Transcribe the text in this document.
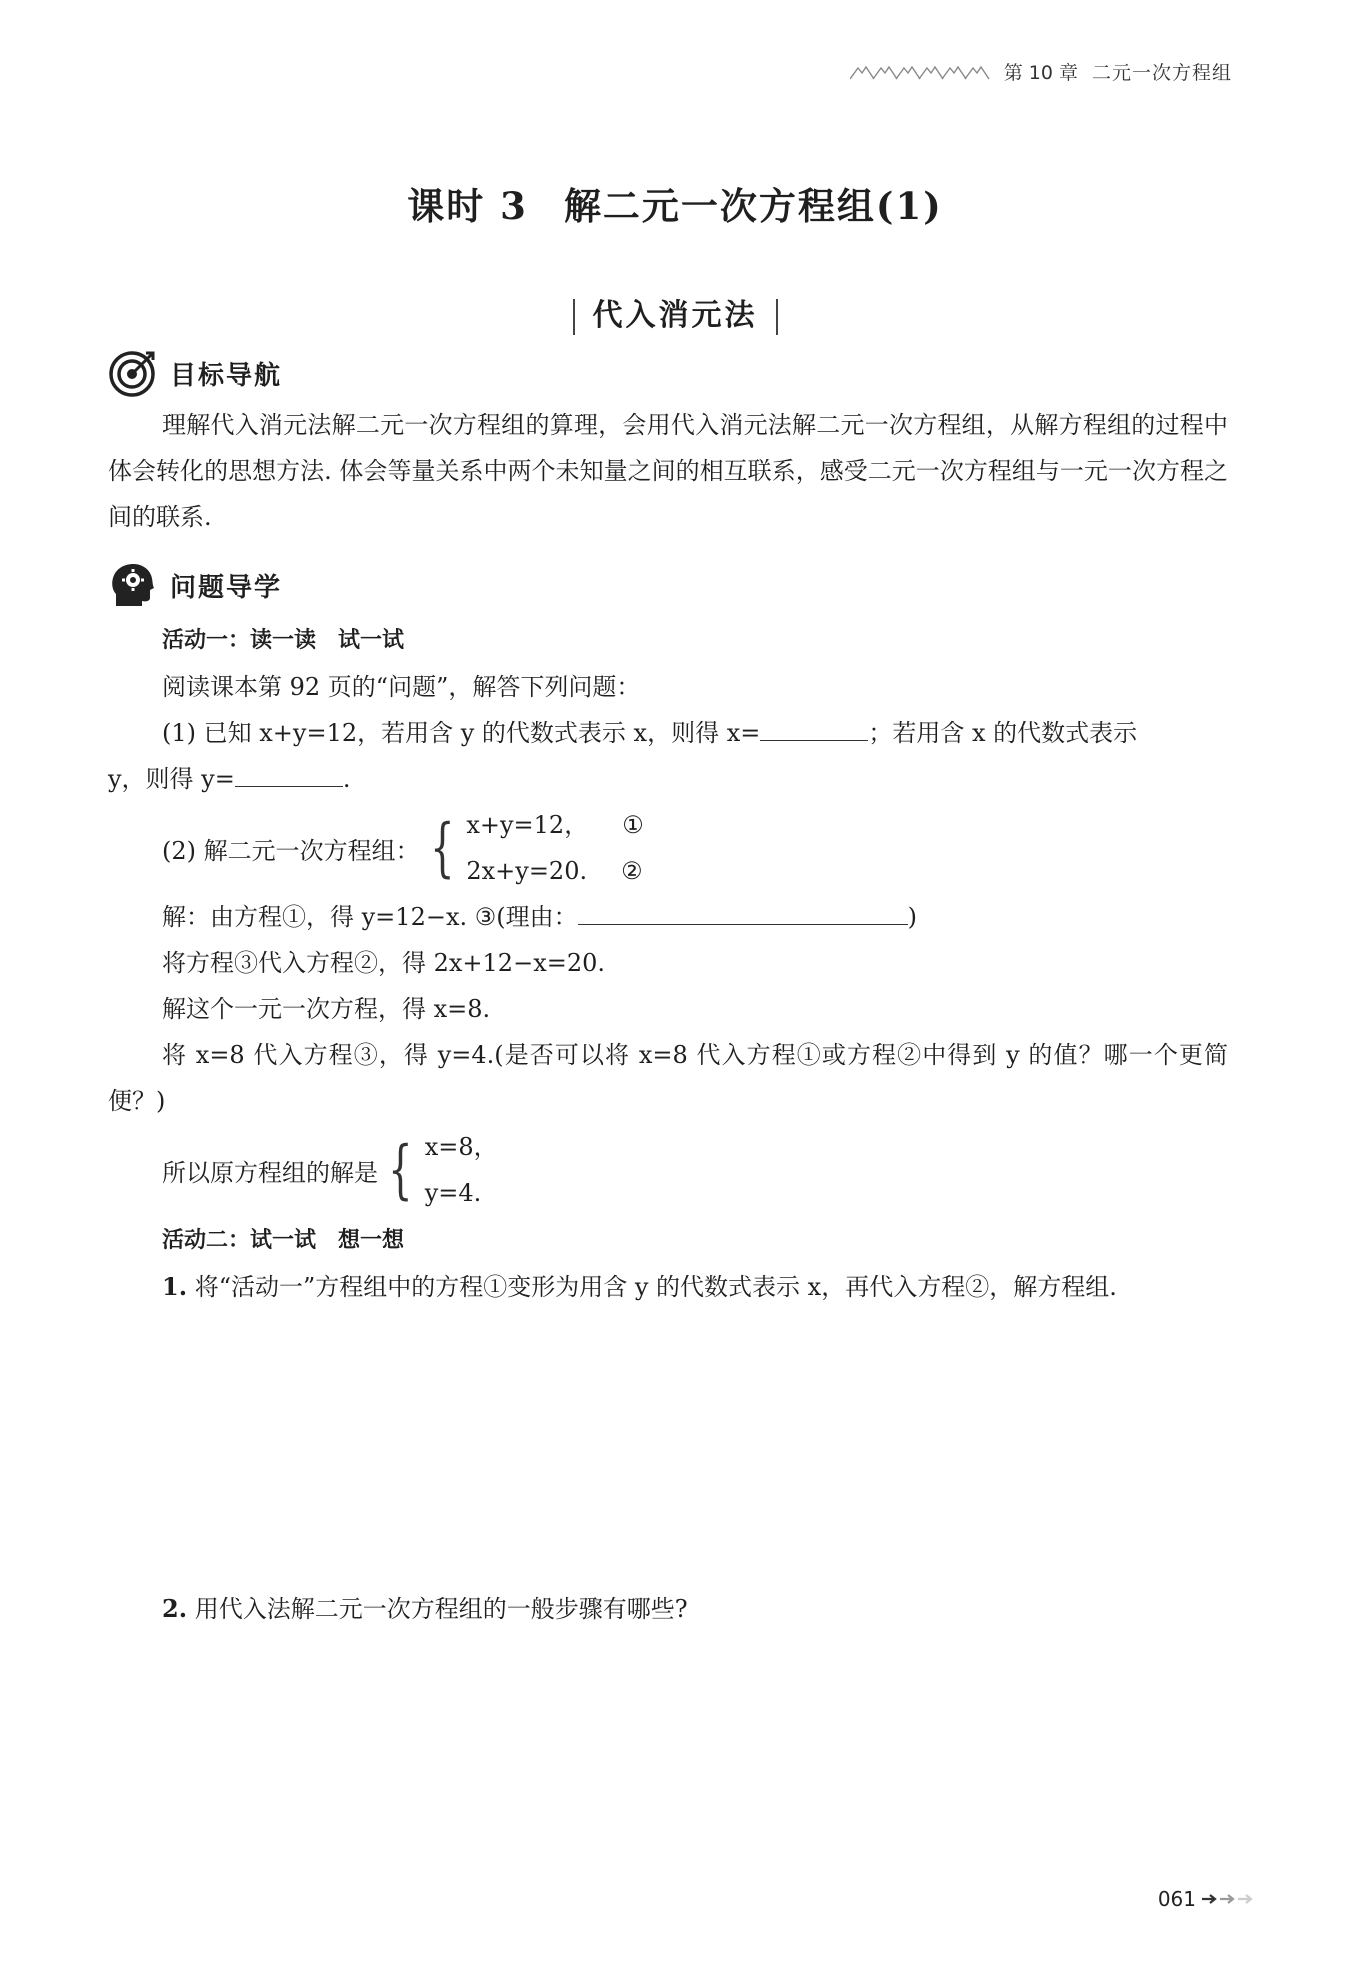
第 10 章 二元一次方程组
课时 3 解二元一次方程组(1)
代入消元法
目标导航
理解代入消元法解二元一次方程组的算理，会用代入消元法解二元一次方程组，从解方程组的过程中体会转化的思想方法. 体会等量关系中两个未知量之间的相互联系，感受二元一次方程组与一元一次方程之间的联系.
问题导学
活动一：读一读　试一试
阅读课本第 92 页的“问题”，解答下列问题：
(1) 已知 x+y=12，若用含 y 的代数式表示 x，则得 x=	；若用含 x 的代数式表示
y，则得 y=	.
(2) 解二元一次方程组： { x+y=12， ①
2x+y=20. ②
解：由方程①，得 y=12−x. ③(理由：	)
将方程③代入方程②，得 2x+12−x=20.
解这个一元一次方程，得 x=8.
将 x=8 代入方程③，得 y=4.(是否可以将 x=8 代入方程①或方程②中得到 y 的值？哪一个更简便？)
所以原方程组的解是 { x=8，
y=4.
活动二：试一试　想一想
1. 将“活动一”方程组中的方程①变形为用含 y 的代数式表示 x，再代入方程②，解方程组.
2. 用代入法解二元一次方程组的一般步骤有哪些?
061
